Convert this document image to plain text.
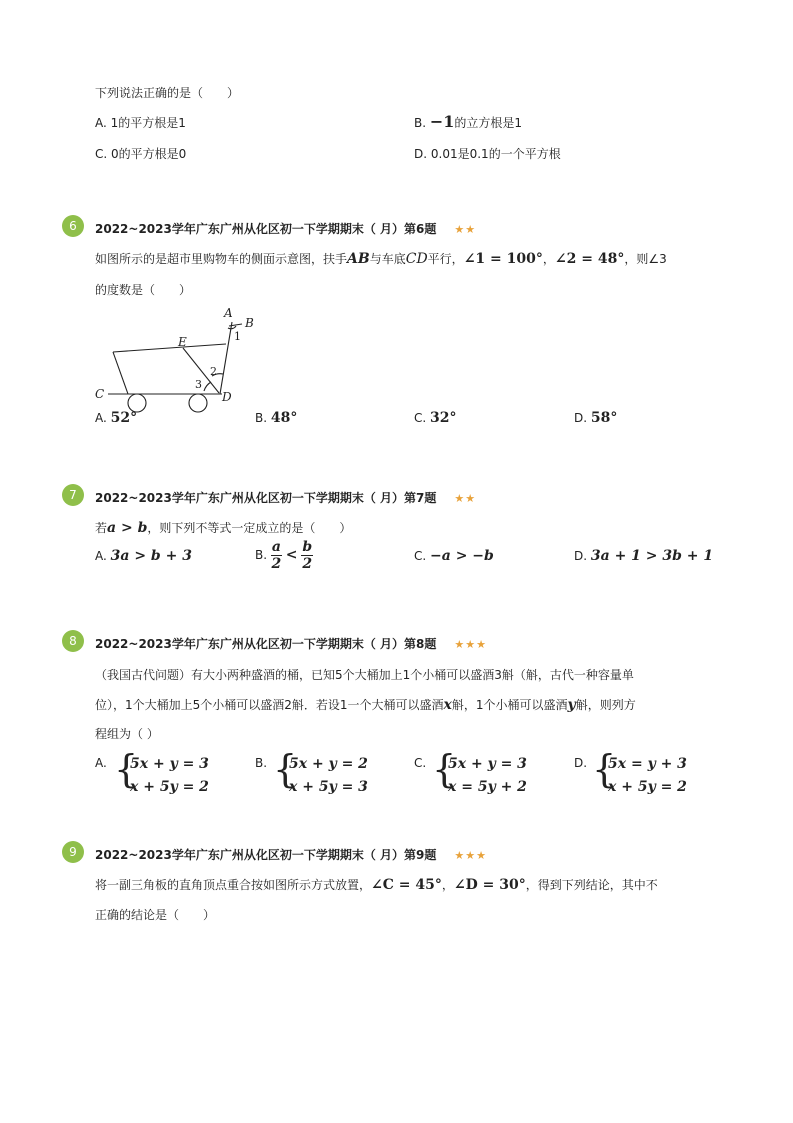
下列说法正确的是（　　）
A. 1的平方根是1	B. −1的立方根是1
C. 0的平方根是0	D. 0.01是0.1的一个平方根
6	2022~2023学年广东广州从化区初一下学期期末（ 月）第6题 ★★
如图所示的是超市里购物车的侧面示意图，扶手AB与车底CD平行，∠1 = 100°，∠2 = 48°，则∠3
的度数是（　　）
A
B
E
C	D
1
2
3
A. 52°	B. 48°	C. 32°	D. 58°
7	2022~2023学年广东广州从化区初一下学期期末（ 月）第7题 ★★
若a > b，则下列不等式一定成立的是（　　）
A. 3a > b + 3	B. $\frac{a}{2} < \frac{b}{2}$	C. −a > −b	D. 3a + 1 > 3b + 1
8	2022~2023学年广东广州从化区初一下学期期末（ 月）第8题 ★★★
（我国古代问题）有大小两种盛酒的桶，已知5个大桶加上1个小桶可以盛酒3斛（斛，古代一种容量单
位），1个大桶加上5个小桶可以盛酒2斛．若设1一个大桶可以盛酒x斛，1个小桶可以盛酒y斛，则列方
程组为（ ）
A. {
5x + y = 3
x + 5y = 2
B. {
5x + y = 2
x + 5y = 3
C. {
5x + y = 3
x = 5y + 2
D. {
5x = y + 3
x + 5y = 2
9	2022~2023学年广东广州从化区初一下学期期末（ 月）第9题 ★★★
将一副三角板的直角顶点重合按如图所示方式放置，∠C = 45°，∠D = 30°，得到下列结论，其中不
正确的结论是（　　）
